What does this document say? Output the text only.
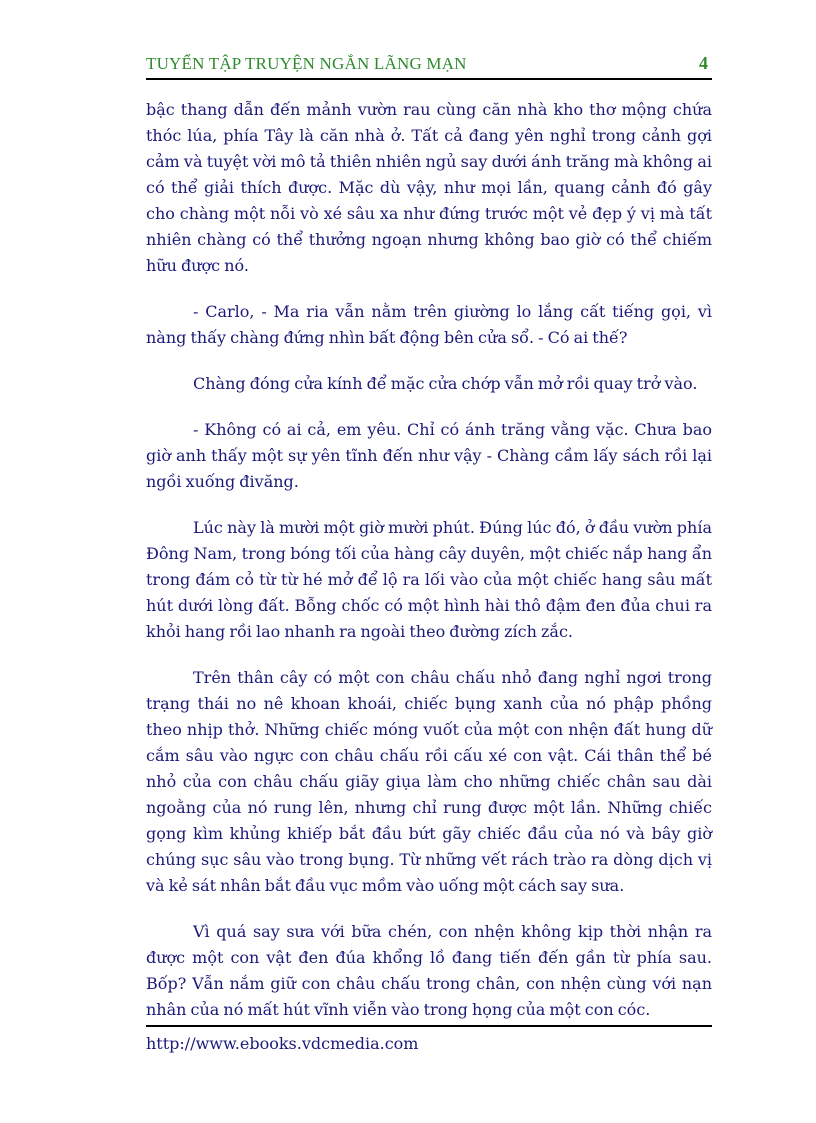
TUYỂN TẬP TRUYỆN NGẮN LÃNG MẠN	4

bậc thang dẫn đến mảnh vườn rau cùng căn nhà kho thơ mộng chứa thóc lúa, phía Tây là căn nhà ở. Tất cả đang yên nghỉ trong cảnh gợi cảm và tuyệt vời mô tả thiên nhiên ngủ say dưới ánh trăng mà không ai có thể giải thích được. Mặc dù vậy, như mọi lần, quang cảnh đó gây cho chàng một nỗi vò xé sâu xa như đứng trước một vẻ đẹp ý vị mà tất nhiên chàng có thể thưởng ngoạn nhưng không bao giờ có thể chiếm hữu được nó.

- Carlo, - Ma ria vẫn nằm trên giường lo lắng cất tiếng gọi, vì nàng thấy chàng đứng nhìn bất động bên cửa sổ. - Có ai thế?

Chàng đóng cửa kính để mặc cửa chớp vẫn mở rồi quay trở vào.

- Không có ai cả, em yêu. Chỉ có ánh trăng vằng vặc. Chưa bao giờ anh thấy một sự yên tĩnh đến như vậy - Chàng cầm lấy sách rồi lại ngồi xuống đivăng.

Lúc này là mười một giờ mười phút. Đúng lúc đó, ở đầu vườn phía Đông Nam, trong bóng tối của hàng cây duyên, một chiếc nắp hang ẩn trong đám cỏ từ từ hé mở để lộ ra lối vào của một chiếc hang sâu mất hút dưới lòng đất. Bỗng chốc có một hình hài thô đậm đen đủa chui ra khỏi hang rồi lao nhanh ra ngoài theo đường zích zắc.

Trên thân cây có một con châu chấu nhỏ đang nghỉ ngơi trong trạng thái no nê khoan khoái, chiếc bụng xanh của nó phập phồng theo nhịp thở. Những chiếc móng vuốt của một con nhện đất hung dữ cắm sâu vào ngực con châu chấu rồi cấu xé con vật. Cái thân thể bé nhỏ của con châu chấu giãy giụa làm cho những chiếc chân sau dài ngoằng của nó rung lên, nhưng chỉ rung được một lần. Những chiếc gọng kìm khủng khiếp bắt đầu bứt gãy chiếc đầu của nó và bây giờ chúng sục sâu vào trong bụng. Từ những vết rách trào ra dòng dịch vị và kẻ sát nhân bắt đầu vục mồm vào uống một cách say sưa.

Vì quá say sưa với bữa chén, con nhện không kịp thời nhận ra được một con vật đen đúa khổng lồ đang tiến đến gần từ phía sau. Bốp? Vẫn nắm giữ con châu chấu trong chân, con nhện cùng với nạn nhân của nó mất hút vĩnh viễn vào trong họng của một con cóc.

http://www.ebooks.vdcmedia.com
